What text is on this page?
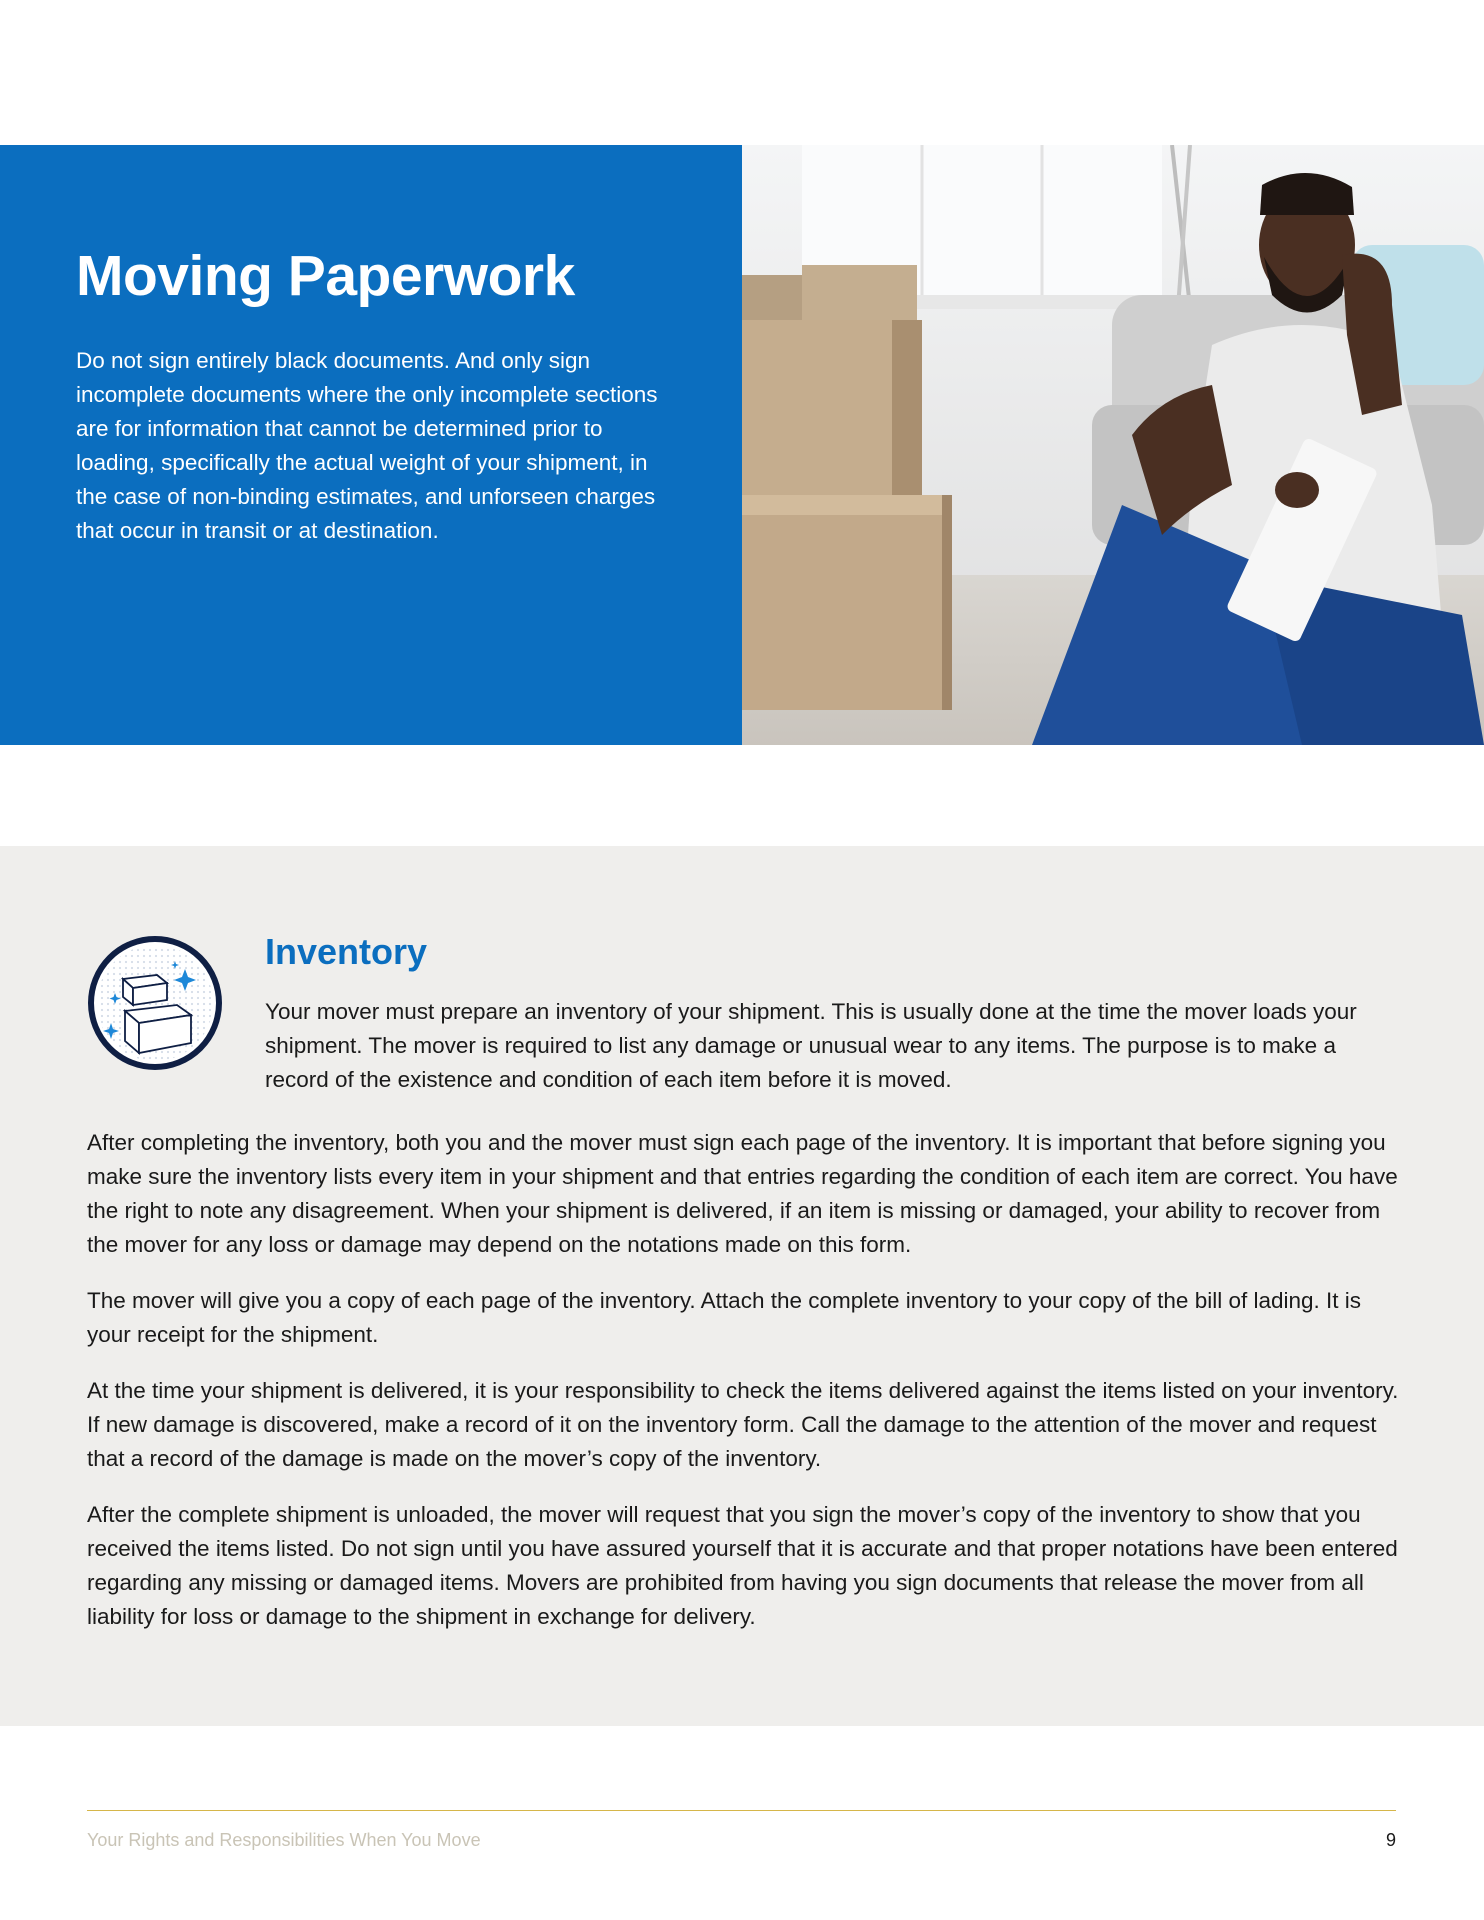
Moving Paperwork

Do not sign entirely black documents. And only sign incomplete documents where the only incomplete sections are for information that cannot be determined prior to loading, specifically the actual weight of your shipment, in the case of non-binding estimates, and unforseen charges that occur in transit or at destination.

Inventory

Your mover must prepare an inventory of your shipment. This is usually done at the time the mover loads your shipment. The mover is required to list any damage or unusual wear to any items. The purpose is to make a record of the existence and condition of each item before it is moved.

After completing the inventory, both you and the mover must sign each page of the inventory. It is important that before signing you make sure the inventory lists every item in your shipment and that entries regarding the condition of each item are correct. You have the right to note any disagreement. When your shipment is delivered, if an item is missing or damaged, your ability to recover from the mover for any loss or damage may depend on the notations made on this form.

The mover will give you a copy of each page of the inventory. Attach the complete inventory to your copy of the bill of lading. It is your receipt for the shipment.

At the time your shipment is delivered, it is your responsibility to check the items delivered against the items listed on your inventory. If new damage is discovered, make a record of it on the inventory form. Call the damage to the attention of the mover and request that a record of the damage is made on the mover’s copy of the inventory.

After the complete shipment is unloaded, the mover will request that you sign the mover’s copy of the inventory to show that you received the items listed. Do not sign until you have assured yourself that it is accurate and that proper notations have been entered regarding any missing or damaged items. Movers are prohibited from having you sign documents that release the mover from all liability for loss or damage to the shipment in exchange for delivery.

Your Rights and Responsibilities When You Move	9
